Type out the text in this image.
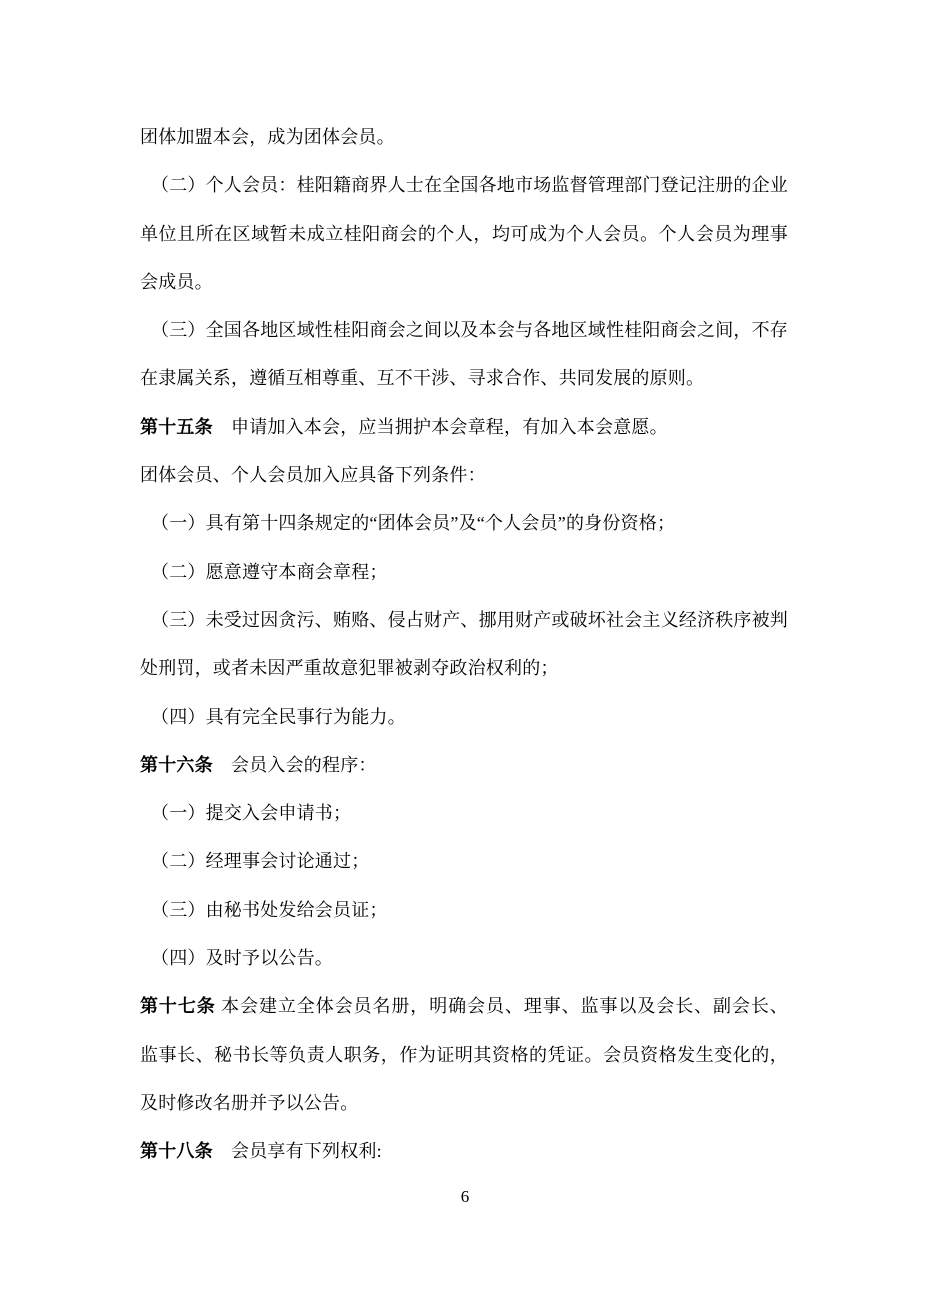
团体加盟本会，成为团体会员。
（二）个人会员：桂阳籍商界人士在全国各地市场监督管理部门登记注册的企业
单位且所在区域暂未成立桂阳商会的个人，均可成为个人会员。个人会员为理事
会成员。
（三）全国各地区域性桂阳商会之间以及本会与各地区域性桂阳商会之间，不存
在隶属关系，遵循互相尊重、互不干涉、寻求合作、共同发展的原则。
第十五条　申请加入本会，应当拥护本会章程，有加入本会意愿。
团体会员、个人会员加入应具备下列条件：
（一）具有第十四条规定的“团体会员”及“个人会员”的身份资格；
（二）愿意遵守本商会章程；
（三）未受过因贪污、贿赂、侵占财产、挪用财产或破坏社会主义经济秩序被判
处刑罚，或者未因严重故意犯罪被剥夺政治权利的；
（四）具有完全民事行为能力。
第十六条　会员入会的程序：
（一）提交入会申请书；
（二）经理事会讨论通过；
（三）由秘书处发给会员证；
（四）及时予以公告。
第十七条 本会建立全体会员名册，明确会员、理事、监事以及会长、副会长、
监事长、秘书长等负责人职务，作为证明其资格的凭证。会员资格发生变化的，
及时修改名册并予以公告。
第十八条　会员享有下列权利:
6
